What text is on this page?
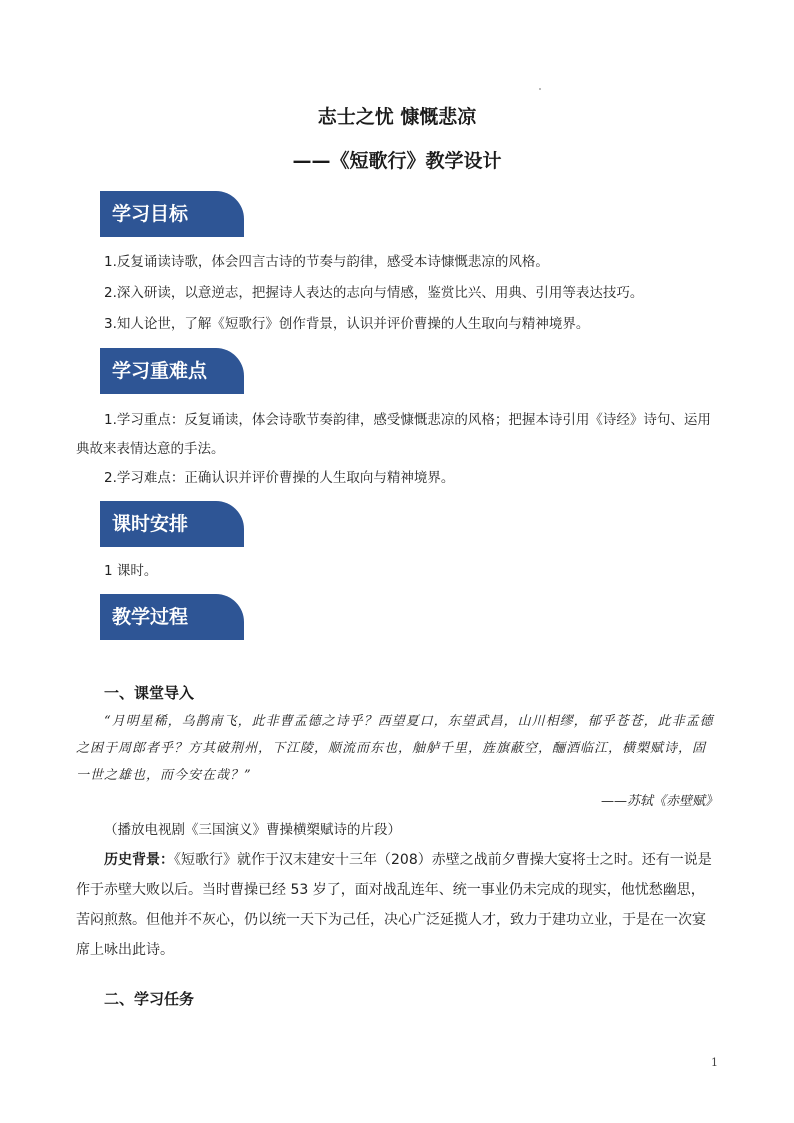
志士之忧 慷慨悲凉
——《短歌行》教学设计
学习目标
1.反复诵读诗歌，体会四言古诗的节奏与韵律，感受本诗慷慨悲凉的风格。
2.深入研读，以意逆志，把握诗人表达的志向与情感，鉴赏比兴、用典、引用等表达技巧。
3.知人论世，了解《短歌行》创作背景，认识并评价曹操的人生取向与精神境界。
学习重难点
1.学习重点：反复诵读，体会诗歌节奏韵律，感受慷慨悲凉的风格；把握本诗引用《诗经》诗句、运用典故来表情达意的手法。
2.学习难点：正确认识并评价曹操的人生取向与精神境界。
课时安排
1 课时。
教学过程
一、课堂导入
“月明星稀，乌鹊南飞，此非曹孟德之诗乎？西望夏口，东望武昌，山川相缪，郁乎苍苍，此非孟德之困于周郎者乎？方其破荆州，下江陵，顺流而东也，舳舻千里，旌旗蔽空，酾酒临江，横槊赋诗，固一世之雄也，而今安在哉？”
——苏轼《赤壁赋》
（播放电视剧《三国演义》曹操横槊赋诗的片段）
历史背景：《短歌行》就作于汉末建安十三年（208）赤壁之战前夕曹操大宴将士之时。还有一说是作于赤壁大败以后。当时曹操已经 53 岁了，面对战乱连年、统一事业仍未完成的现实，他忧愁幽思，苦闷煎熬。但他并不灰心，仍以统一天下为己任，决心广泛延揽人才，致力于建功立业，于是在一次宴席上咏出此诗。
二、学习任务
1
